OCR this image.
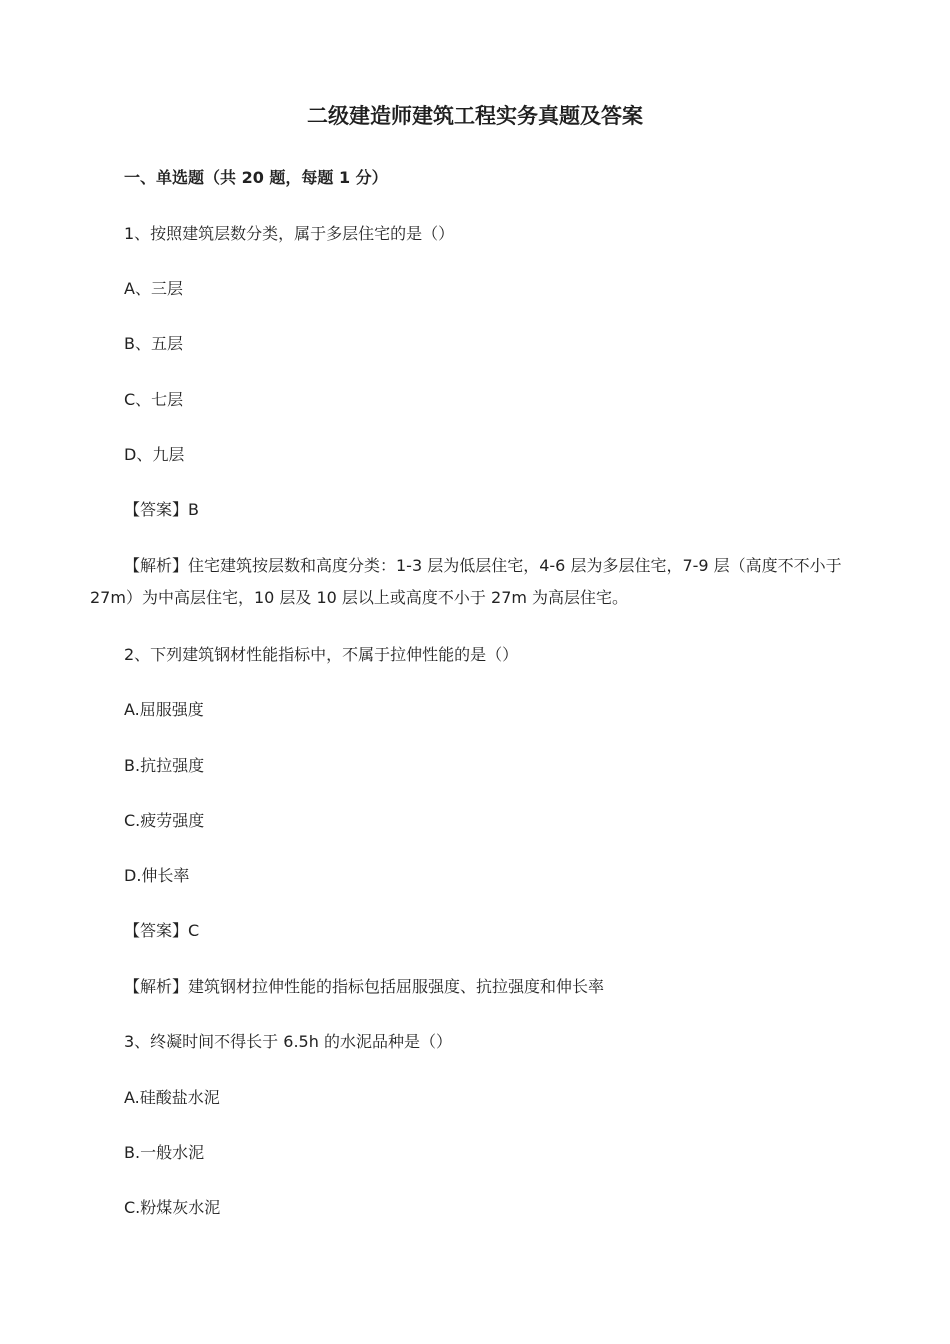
二级建造师建筑工程实务真题及答案
一、单选题（共 20 题，每题 1 分）
1、按照建筑层数分类，属于多层住宅的是（）
A、三层
B、五层
C、七层
D、九层
【答案】B
【解析】住宅建筑按层数和高度分类：1-3 层为低层住宅，4-6 层为多层住宅，7-9 层（高度不不小于 27m）为中高层住宅，10 层及 10 层以上或高度不小于 27m 为高层住宅。
2、下列建筑钢材性能指标中，不属于拉伸性能的是（）
A.屈服强度
B.抗拉强度
C.疲劳强度
D.伸长率
【答案】C
【解析】建筑钢材拉伸性能的指标包括屈服强度、抗拉强度和伸长率
3、终凝时间不得长于 6.5h 的水泥品种是（）
A.硅酸盐水泥
B.一般水泥
C.粉煤灰水泥
